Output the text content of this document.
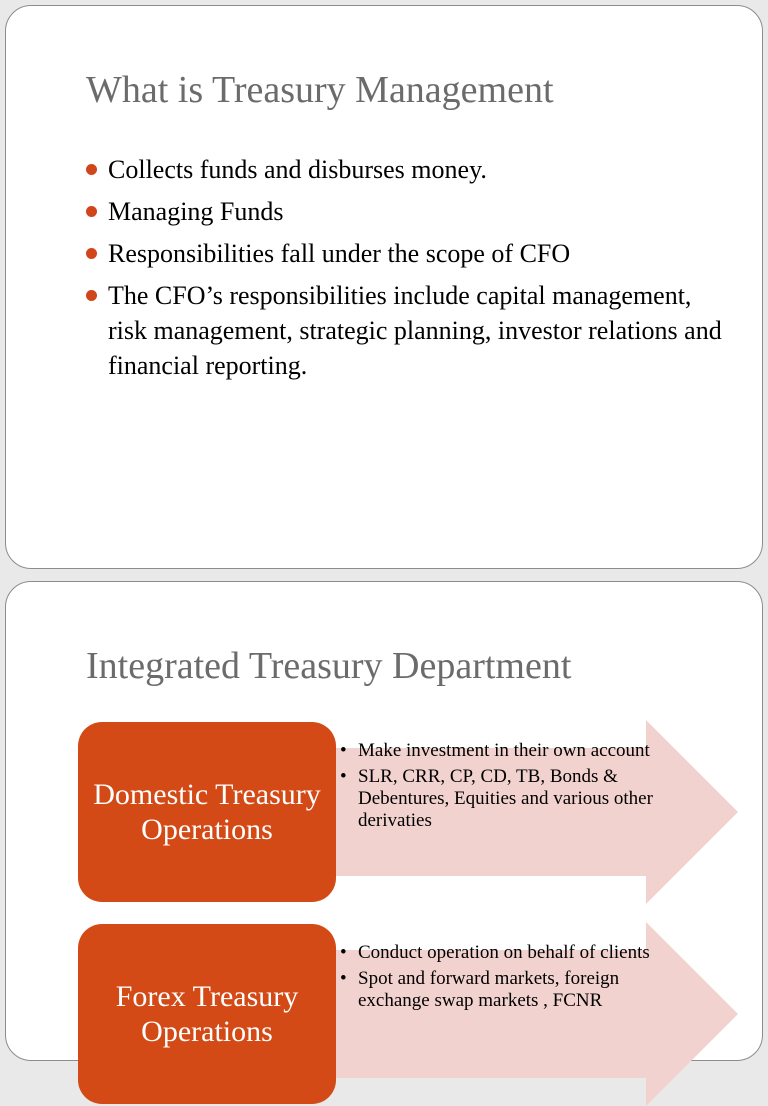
What is Treasury Management
Collects funds and disburses money.
Managing Funds
Responsibilities fall under the scope of CFO
The CFO’s responsibilities include capital management, risk management, strategic planning, investor relations and financial reporting.
Integrated Treasury Department
Domestic Treasury Operations
• Make investment in their own account
• SLR, CRR, CP, CD, TB, Bonds & Debentures, Equities and various other derivaties
Forex Treasury Operations
• Conduct operation on behalf of clients
• Spot and forward markets, foreign exchange swap markets , FCNR
